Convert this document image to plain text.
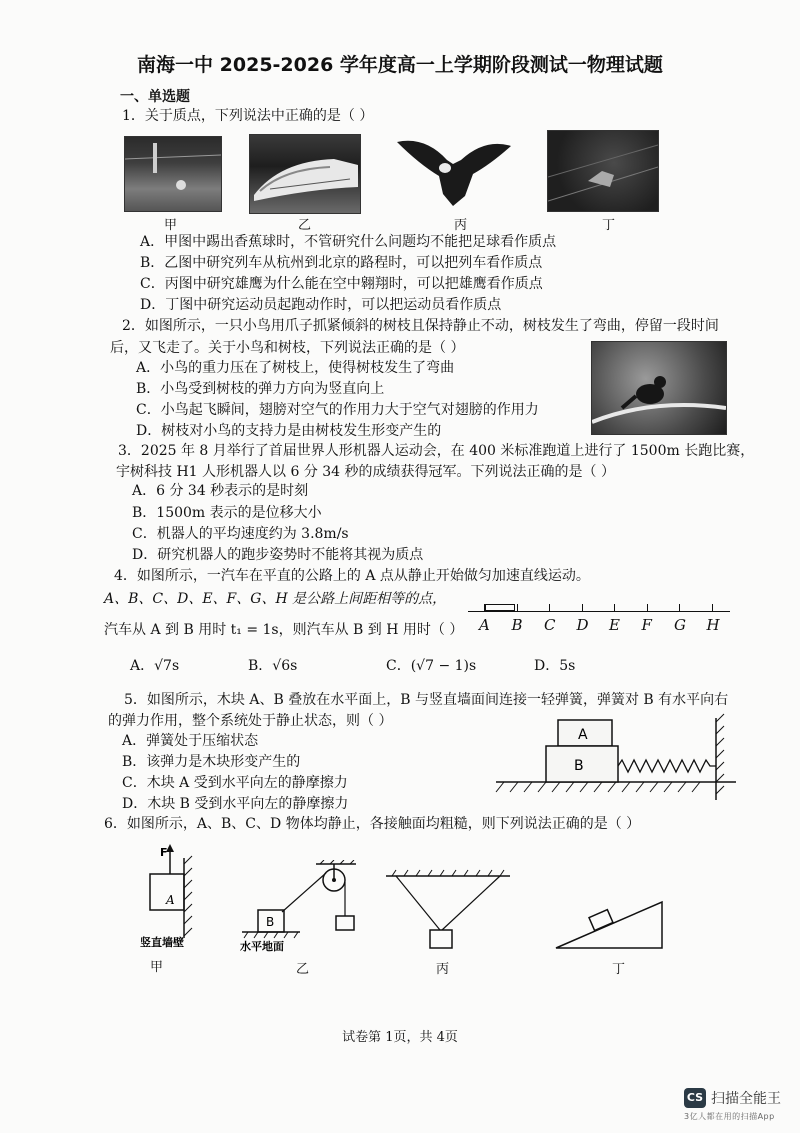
南海一中 2025-2026 学年度高一上学期阶段测试一物理试题
一、单选题
1．关于质点，下列说法中正确的是（ ）
甲	乙	丙	丁
A．甲图中踢出香蕉球时，不管研究什么问题均不能把足球看作质点
B．乙图中研究列车从杭州到北京的路程时，可以把列车看作质点
C．丙图中研究雄鹰为什么能在空中翱翔时，可以把雄鹰看作质点
D．丁图中研究运动员起跑动作时，可以把运动员看作质点
2．如图所示，一只小鸟用爪子抓紧倾斜的树枝且保持静止不动，树枝发生了弯曲，停留一段时间
后，又飞走了。关于小鸟和树枝，下列说法正确的是（ ）
A．小鸟的重力压在了树枝上，使得树枝发生了弯曲
B．小鸟受到树枝的弹力方向为竖直向上
C．小鸟起飞瞬间，翅膀对空气的作用力大于空气对翅膀的作用力
D．树枝对小鸟的支持力是由树枝发生形变产生的
3．2025 年 8 月举行了首届世界人形机器人运动会，在 400 米标准跑道上进行了 1500m 长跑比赛，
宇树科技 H1 人形机器人以 6 分 34 秒的成绩获得冠军。下列说法正确的是（ ）
A．6 分 34 秒表示的是时刻
B．1500m 表示的是位移大小
C．机器人的平均速度约为 3.8m/s
D．研究机器人的跑步姿势时不能将其视为质点
4．如图所示，一汽车在平直的公路上的 A 点从静止开始做匀加速直线运动。
A、B、C、D、E、F、G、H 是公路上间距相等的点，
汽车从 A 到 B 用时 t₁ = 1s，则汽车从 B 到 H 用时（ ） A B C D E F G H
A．√7s	B．√6s	C．(√7 − 1)s	D．5s
5．如图所示，木块 A、B 叠放在水平面上，B 与竖直墙面间连接一轻弹簧，弹簧对 B 有水平向右
的弹力作用，整个系统处于静止状态，则（ ）
A．弹簧处于压缩状态
B．该弹力是木块形变产生的
C．木块 A 受到水平向左的静摩擦力
D．木块 B 受到水平向左的静摩擦力
A
B
6．如图所示，A、B、C、D 物体均静止，各接触面均粗糙，则下列说法正确的是（ ）
F
A
竖直墙壁
B
水平地面
甲	乙	丙	丁
试卷第 1页，共 4页
CS 扫描全能王
3亿人都在用的扫描App
